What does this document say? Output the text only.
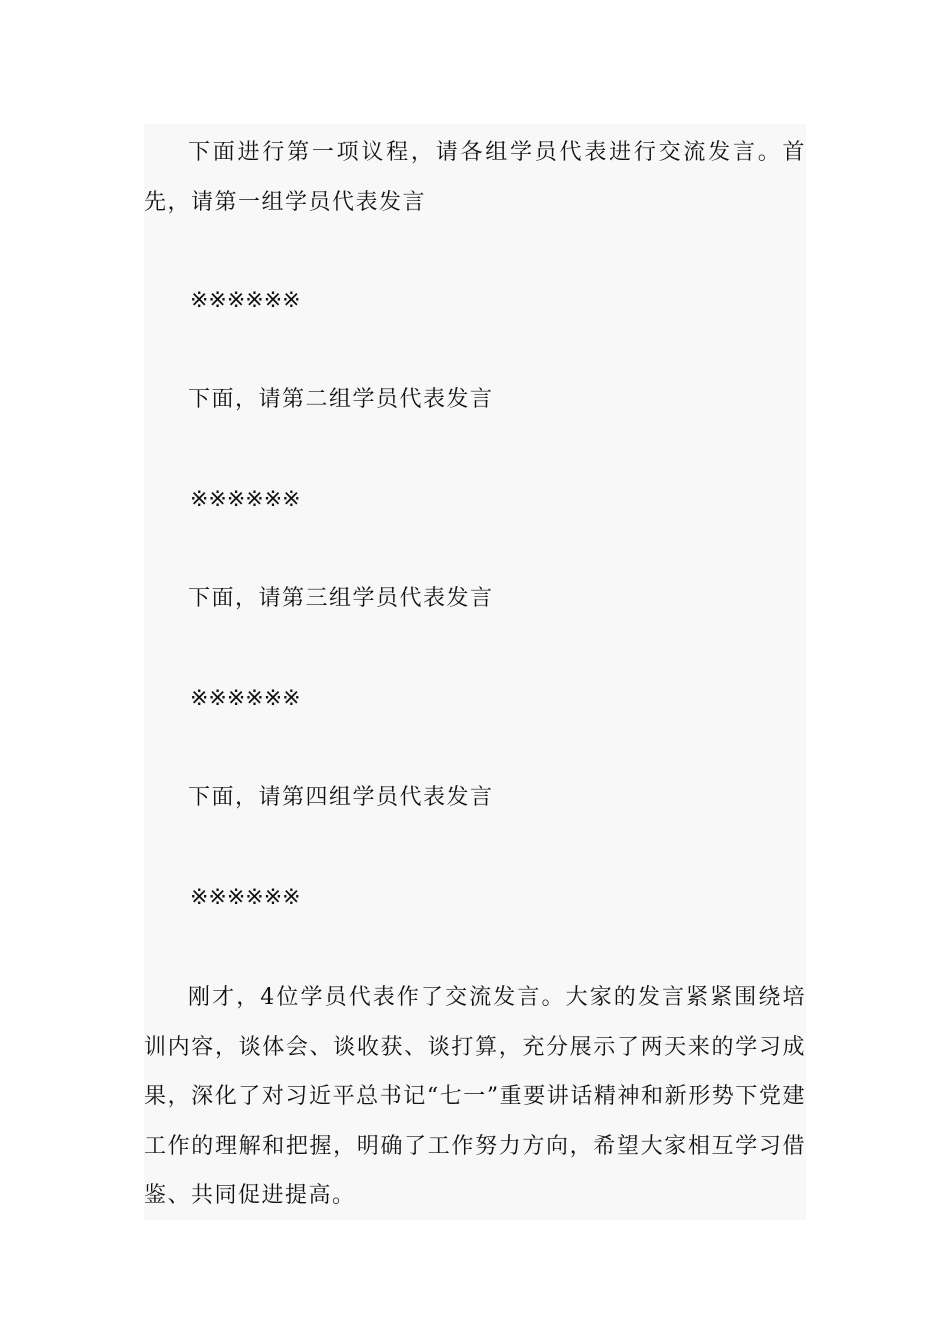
下面进行第一项议程，请各组学员代表进行交流发言。首先，请第一组学员代表发言

※※※※※※

下面，请第二组学员代表发言

※※※※※※

下面，请第三组学员代表发言

※※※※※※

下面，请第四组学员代表发言

※※※※※※

刚才，4位学员代表作了交流发言。大家的发言紧紧围绕培训内容，谈体会、谈收获、谈打算，充分展示了两天来的学习成果，深化了对习近平总书记“七一”重要讲话精神和新形势下党建工作的理解和把握，明确了工作努力方向，希望大家相互学习借鉴、共同促进提高。
